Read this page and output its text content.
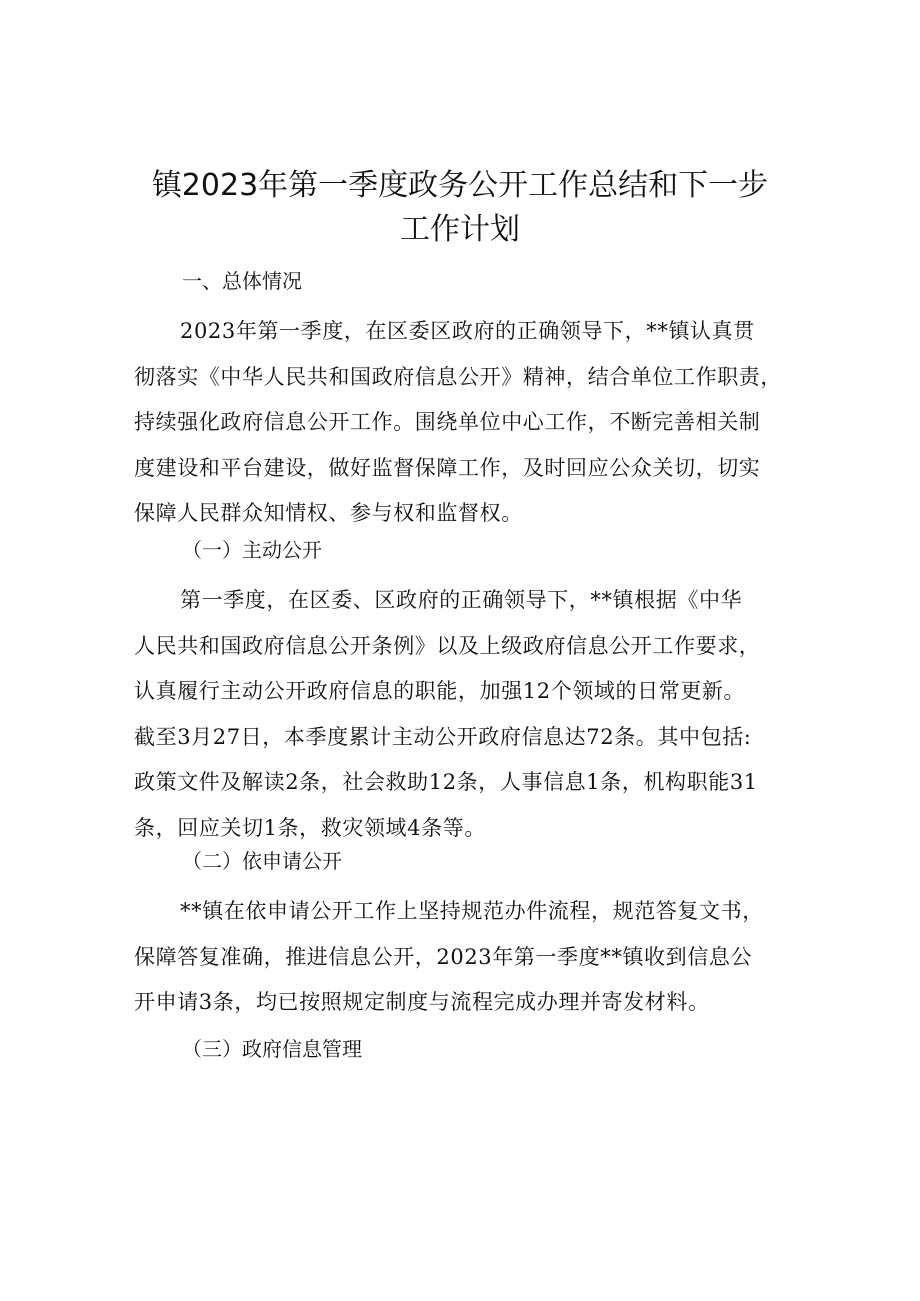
镇2023年第一季度政务公开工作总结和下一步
工作计划
一、总体情况
2023年第一季度，在区委区政府的正确领导下，**镇认真贯
彻落实《中华人民共和国政府信息公开》精神，结合单位工作职责，
持续强化政府信息公开工作。围绕单位中心工作，不断完善相关制
度建设和平台建设，做好监督保障工作，及时回应公众关切，切实
保障人民群众知情权、参与权和监督权。
（一）主动公开
第一季度，在区委、区政府的正确领导下，**镇根据《中华
人民共和国政府信息公开条例》以及上级政府信息公开工作要求，
认真履行主动公开政府信息的职能，加强12个领域的日常更新。
截至3月27日，本季度累计主动公开政府信息达72条。其中包括:
政策文件及解读2条，社会救助12条，人事信息1条，机构职能31
条，回应关切1条，救灾领域4条等。
（二）依申请公开
**镇在依申请公开工作上坚持规范办件流程，规范答复文书，
保障答复准确，推进信息公开，2023年第一季度**镇收到信息公
开申请3条，均已按照规定制度与流程完成办理并寄发材料。
（三）政府信息管理
